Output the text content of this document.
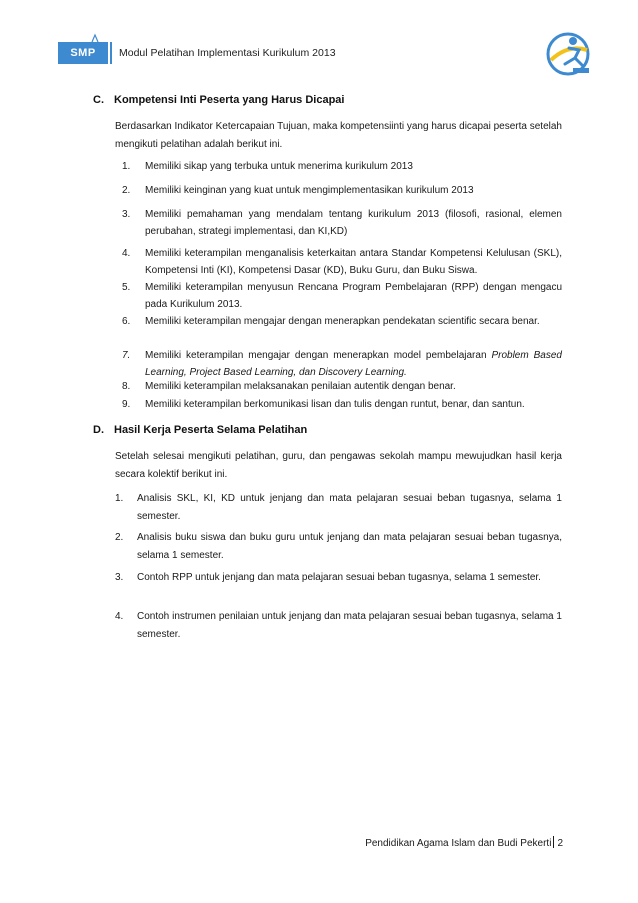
SMP	Modul Pelatihan Implementasi Kurikulum 2013
C. Kompetensi Inti Peserta yang Harus Dicapai
Berdasarkan Indikator Ketercapaian Tujuan, maka kompetensiinti yang harus dicapai peserta setelah mengikuti pelatihan adalah berikut ini.
1. Memiliki sikap yang terbuka untuk menerima kurikulum 2013
2. Memiliki keinginan yang kuat untuk mengimplementasikan kurikulum 2013
3. Memiliki pemahaman yang mendalam tentang kurikulum 2013 (filosofi, rasional, elemen perubahan, strategi implementasi, dan KI,KD)
4. Memiliki keterampilan menganalisis keterkaitan antara Standar Kompetensi Kelulusan (SKL), Kompetensi Inti (KI), Kompetensi Dasar (KD), Buku Guru, dan Buku Siswa.
5. Memiliki keterampilan menyusun Rencana Program Pembelajaran (RPP) dengan mengacu pada Kurikulum 2013.
6. Memiliki keterampilan mengajar dengan menerapkan pendekatan scientific secara benar.
7. Memiliki keterampilan mengajar dengan menerapkan model pembelajaran Problem Based Learning, Project Based Learning, dan Discovery Learning.
8. Memiliki keterampilan melaksanakan penilaian autentik dengan benar.
9. Memiliki keterampilan berkomunikasi lisan dan tulis dengan runtut, benar, dan santun.
D. Hasil Kerja Peserta Selama Pelatihan
Setelah selesai mengikuti pelatihan, guru, dan pengawas sekolah mampu mewujudkan hasil kerja secara kolektif berikut ini.
1. Analisis SKL, KI, KD untuk jenjang dan mata pelajaran sesuai beban tugasnya, selama 1 semester.
2. Analisis buku siswa dan buku guru untuk jenjang dan mata pelajaran sesuai beban tugasnya, selama 1 semester.
3. Contoh RPP untuk jenjang dan mata pelajaran sesuai beban tugasnya, selama 1 semester.
4. Contoh instrumen penilaian untuk jenjang dan mata pelajaran sesuai beban tugasnya, selama 1 semester.
Pendidikan Agama Islam dan Budi Pekerti 2
